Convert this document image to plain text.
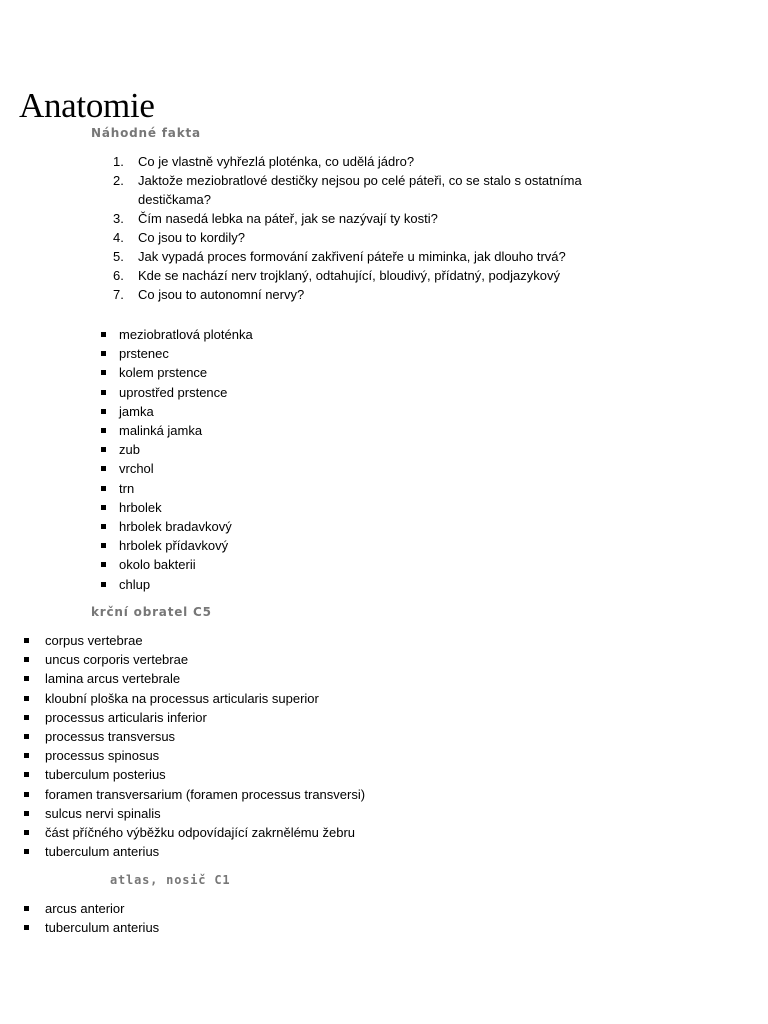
Anatomie
Náhodné fakta
1.	Co je vlastně vyhřezlá ploténka, co udělá jádro?
2.	Jaktože meziobratlové destičky nejsou po celé páteři, co se stalo s ostatníma destičkama?
3.	Čím nasedá lebka na páteř, jak se nazývají ty kosti?
4.	Co jsou to kordily?
5.	Jak vypadá proces formování zakřivení páteře u miminka, jak dlouho trvá?
6.	Kde se nachází nerv trojklaný, odtahující, bloudivý, přídatný, podjazykový
7.	Co jsou to autonomní nervy?
meziobratlová ploténka
prstenec
kolem prstence
uprostřed prstence
jamka
malinká jamka
zub
vrchol
trn
hrbolek
hrbolek bradavkový
hrbolek přídavkový
okolo bakterii
chlup
krční obratel C5
corpus vertebrae
uncus corporis vertebrae
lamina arcus vertebrale
kloubní ploška na processus articularis superior
processus articularis inferior
processus transversus
processus spinosus
tuberculum posterius
foramen transversarium (foramen processus transversi)
sulcus nervi spinalis
část příčného výběžku odpovídající zakrnělému žebru
tuberculum anterius
atlas, nosič C1
arcus anterior
tuberculum anterius
